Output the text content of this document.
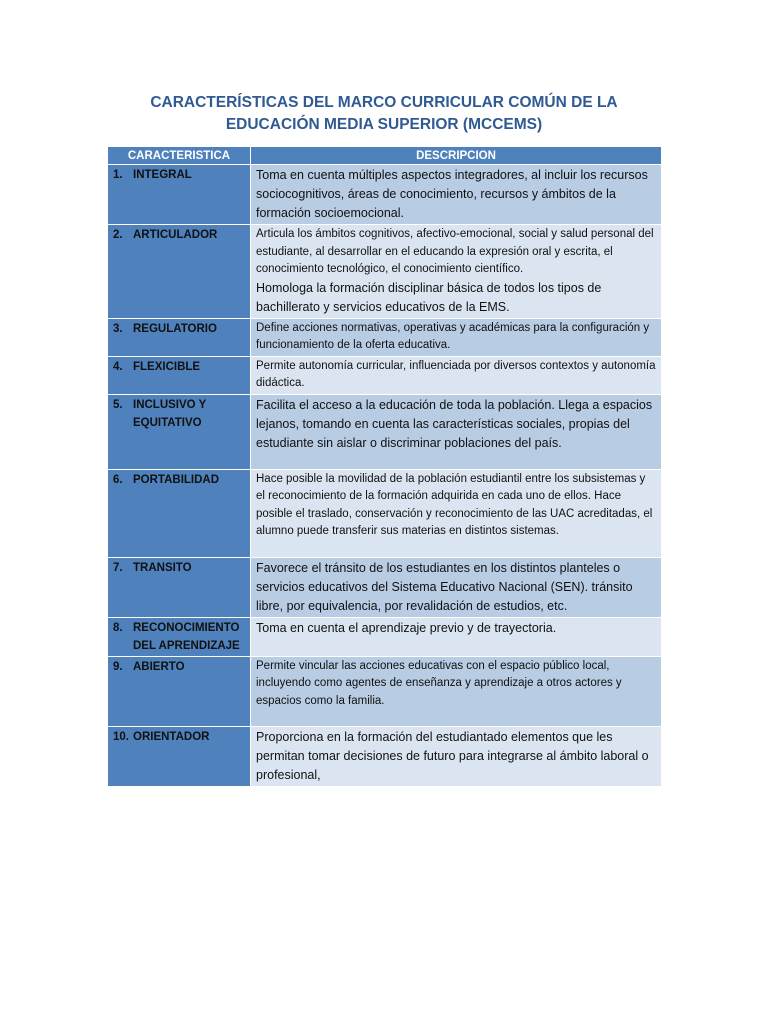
CARACTERÍSTICAS DEL MARCO CURRICULAR COMÚN DE LA
EDUCACIÓN MEDIA SUPERIOR (MCCEMS)
CARACTERISTICA	DESCRIPCION
1. INTEGRAL	Toma en cuenta múltiples aspectos integradores, al incluir los recursos sociocognitivos, áreas de conocimiento, recursos y ámbitos de la formación socioemocional.
2. ARTICULADOR	Articula los ámbitos cognitivos, afectivo-emocional, social y salud personal del estudiante, al desarrollar en el educando la expresión oral y escrita, el conocimiento tecnológico, el conocimiento científico.
Homologa la formación disciplinar básica de todos los tipos de bachillerato y servicios educativos de la EMS.

3. REGULATORIO	Define acciones normativas, operativas y académicas para la configuración y funcionamiento de la oferta educativa.
4. FLEXICIBLE	Permite autonomía curricular, influenciada por diversos contextos y autonomía didáctica.
5. INCLUSIVO Y EQUITATIVO	Facilita el acceso a la educación de toda la población. Llega a espacios lejanos, tomando en cuenta las características sociales, propias del estudiante sin aislar o discriminar poblaciones del país.
6. PORTABILIDAD	Hace posible la movilidad de la población estudiantil entre los subsistemas y el reconocimiento de la formación adquirida en cada uno de ellos. Hace posible el traslado, conservación y reconocimiento de las UAC acreditadas, el alumno puede transferir sus materias en distintos sistemas.
7. TRANSITO	Favorece el tránsito de los estudiantes en los distintos planteles o servicios educativos del Sistema Educativo Nacional (SEN). tránsito libre, por equivalencia, por revalidación de estudios, etc.
8. RECONOCIMIENTO DEL APRENDIZAJE	Toma en cuenta el aprendizaje previo y de trayectoria.
9. ABIERTO	Permite vincular las acciones educativas con el espacio público local, incluyendo como agentes de enseñanza y aprendizaje a otros actores y espacios como la familia.
10. ORIENTADOR	Proporciona en la formación del estudiantado elementos que les permitan tomar decisiones de futuro para integrarse al ámbito laboral o profesional,
